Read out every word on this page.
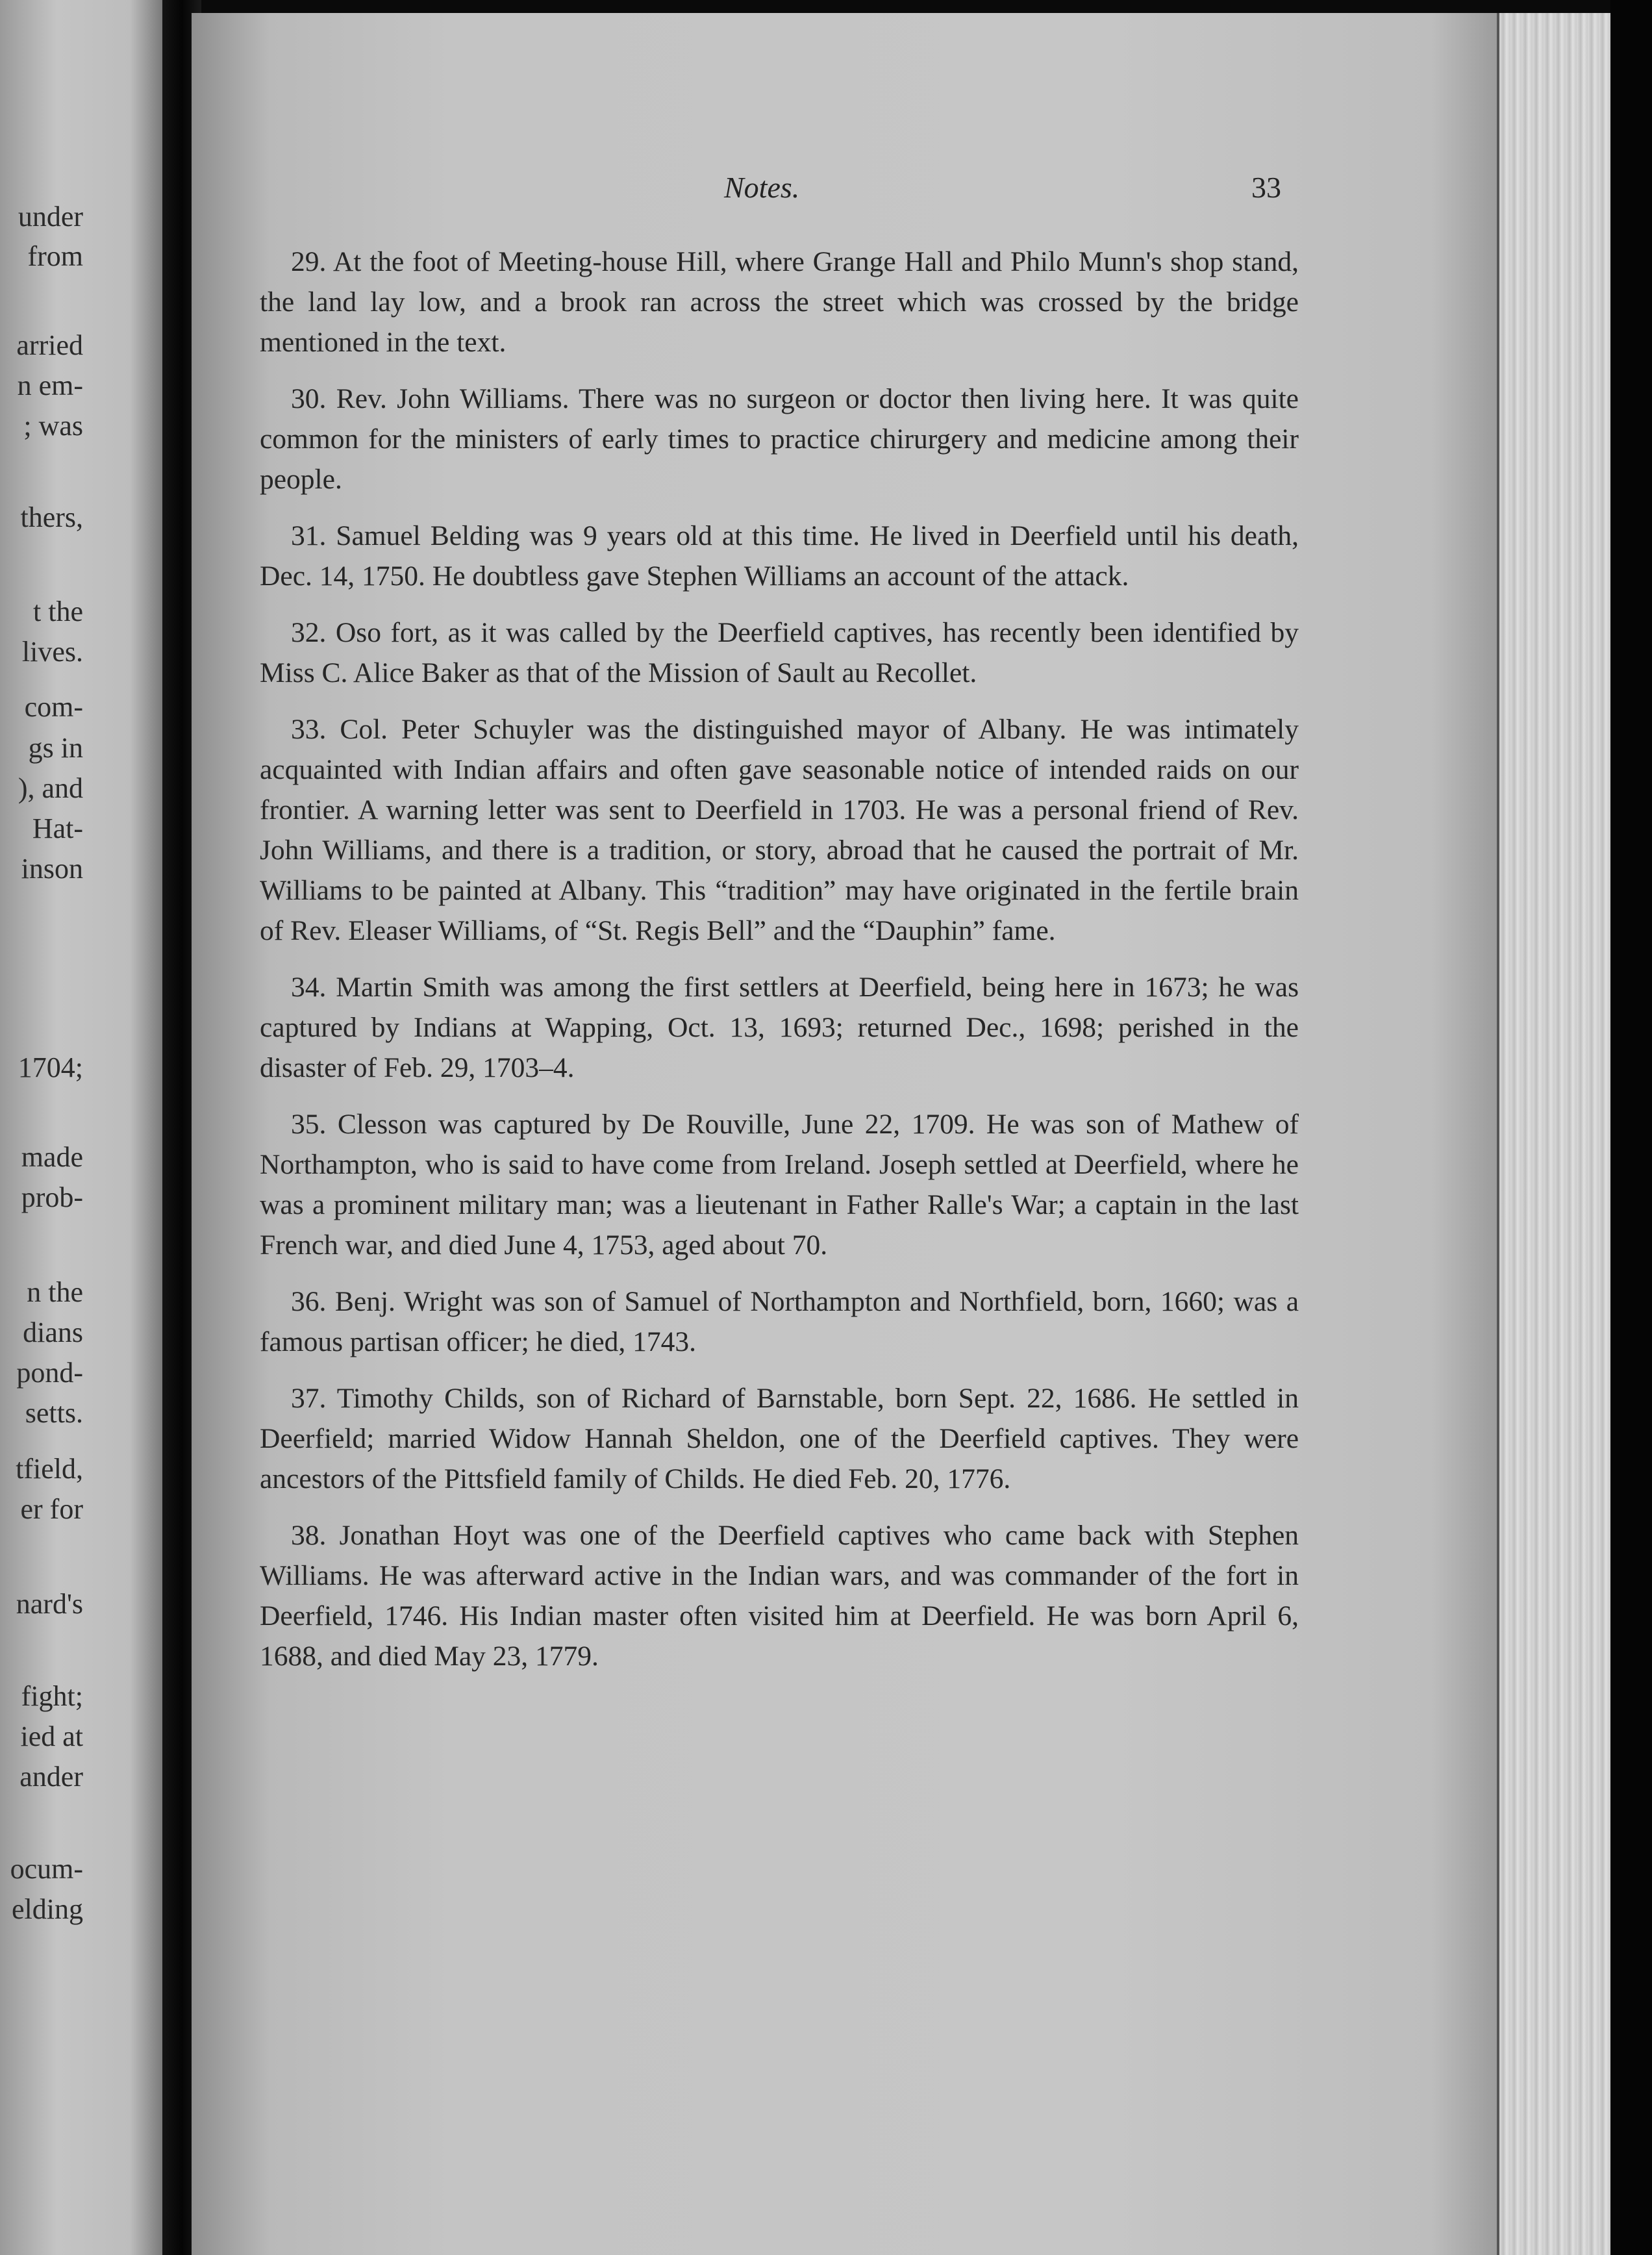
under
from
arried
n em-
; was
thers,
t the
lives.
com-
gs in
), and
Hat-
inson
1704;
made
prob-
n the
dians
pond-
setts.
tfield,
er for
nard's
fight;
ied at
ander
ocum-
elding
Notes.	33

29. At the foot of Meeting-house Hill, where Grange Hall and Philo Munn's shop stand, the land lay low, and a brook ran across the street which was crossed by the bridge mentioned in the text.

30. Rev. John Williams. There was no surgeon or doctor then living here. It was quite common for the ministers of early times to practice chirurgery and medicine among their people.

31. Samuel Belding was 9 years old at this time. He lived in Deerfield until his death, Dec. 14, 1750. He doubtless gave Stephen Williams an account of the attack.

32. Oso fort, as it was called by the Deerfield captives, has recently been identified by Miss C. Alice Baker as that of the Mission of Sault au Recollet.

33. Col. Peter Schuyler was the distinguished mayor of Albany. He was intimately acquainted with Indian affairs and often gave seasonable notice of intended raids on our frontier. A warning letter was sent to Deerfield in 1703. He was a personal friend of Rev. John Williams, and there is a tradition, or story, abroad that he caused the portrait of Mr. Williams to be painted at Albany. This “tradition” may have originated in the fertile brain of Rev. Eleaser Williams, of “St. Regis Bell” and the “Dauphin” fame.

34. Martin Smith was among the first settlers at Deerfield, being here in 1673; he was captured by Indians at Wapping, Oct. 13, 1693; returned Dec., 1698; perished in the disaster of Feb. 29, 1703–4.

35. Clesson was captured by De Rouville, June 22, 1709. He was son of Mathew of Northampton, who is said to have come from Ireland. Joseph settled at Deerfield, where he was a prominent military man; was a lieutenant in Father Ralle's War; a captain in the last French war, and died June 4, 1753, aged about 70.

36. Benj. Wright was son of Samuel of Northampton and Northfield, born, 1660; was a famous partisan officer; he died, 1743.

37. Timothy Childs, son of Richard of Barnstable, born Sept. 22, 1686. He settled in Deerfield; married Widow Hannah Sheldon, one of the Deerfield captives. They were ancestors of the Pittsfield family of Childs. He died Feb. 20, 1776.

38. Jonathan Hoyt was one of the Deerfield captives who came back with Stephen Williams. He was afterward active in the Indian wars, and was commander of the fort in Deerfield, 1746. His Indian master often visited him at Deerfield. He was born April 6, 1688, and died May 23, 1779.
